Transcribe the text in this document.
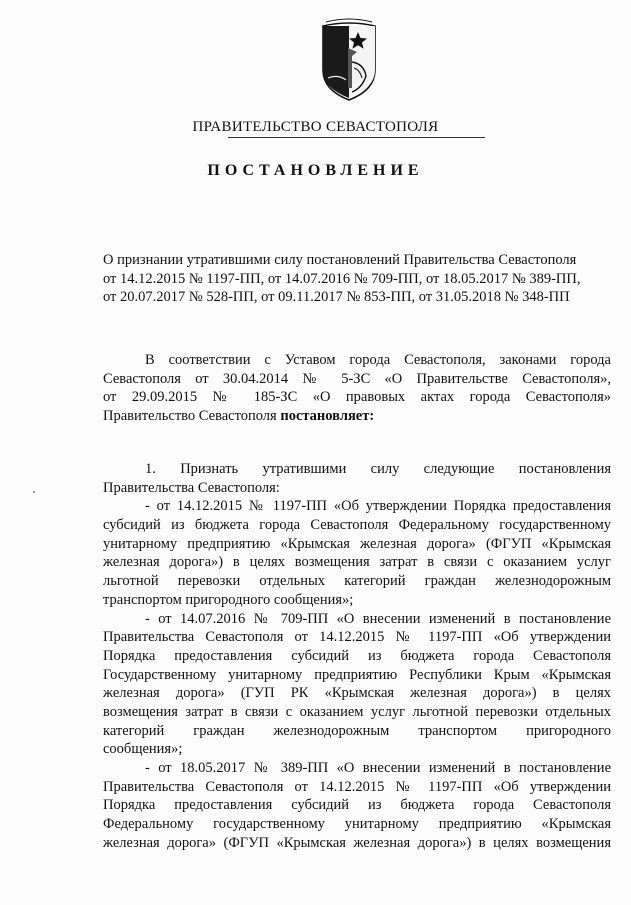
ПРАВИТЕЛЬСТВО СЕВАСТОПОЛЯ
ПОСТАНОВЛЕНИЕ
О признании утратившими силу постановлений Правительства Севастополя
от 14.12.2015 № 1197-ПП, от 14.07.2016 № 709-ПП, от 18.05.2017 № 389-ПП,
от 20.07.2017 № 528-ПП, от 09.11.2017 № 853-ПП, от 31.05.2018 № 348-ПП
В соответствии с Уставом города Севастополя, законами города
Севастополя от 30.04.2014 № 5-ЗС «О Правительстве Севастополя»,
от 29.09.2015 № 185-ЗС «О правовых актах города Севастополя»
Правительство Севастополя постановляет:
1. Признать утратившими силу следующие постановления
Правительства Севастополя:
- от 14.12.2015 № 1197-ПП «Об утверждении Порядка предоставления
субсидий из бюджета города Севастополя Федеральному государственному
унитарному предприятию «Крымская железная дорога» (ФГУП «Крымская
железная дорога») в целях возмещения затрат в связи с оказанием услуг
льготной перевозки отдельных категорий граждан железнодорожным
транспортом пригородного сообщения»;
- от 14.07.2016 № 709-ПП «О внесении изменений в постановление
Правительства Севастополя от 14.12.2015 № 1197-ПП «Об утверждении
Порядка предоставления субсидий из бюджета города Севастополя
Государственному унитарному предприятию Республики Крым «Крымская
железная дорога» (ГУП РК «Крымская железная дорога») в целях
возмещения затрат в связи с оказанием услуг льготной перевозки отдельных
категорий граждан железнодорожным транспортом пригородного
сообщения»;
- от 18.05.2017 № 389-ПП «О внесении изменений в постановление
Правительства Севастополя от 14.12.2015 № 1197-ПП «Об утверждении
Порядка предоставления субсидий из бюджета города Севастополя
Федеральному государственному унитарному предприятию «Крымская
железная дорога» (ФГУП «Крымская железная дорога») в целях возмещения
